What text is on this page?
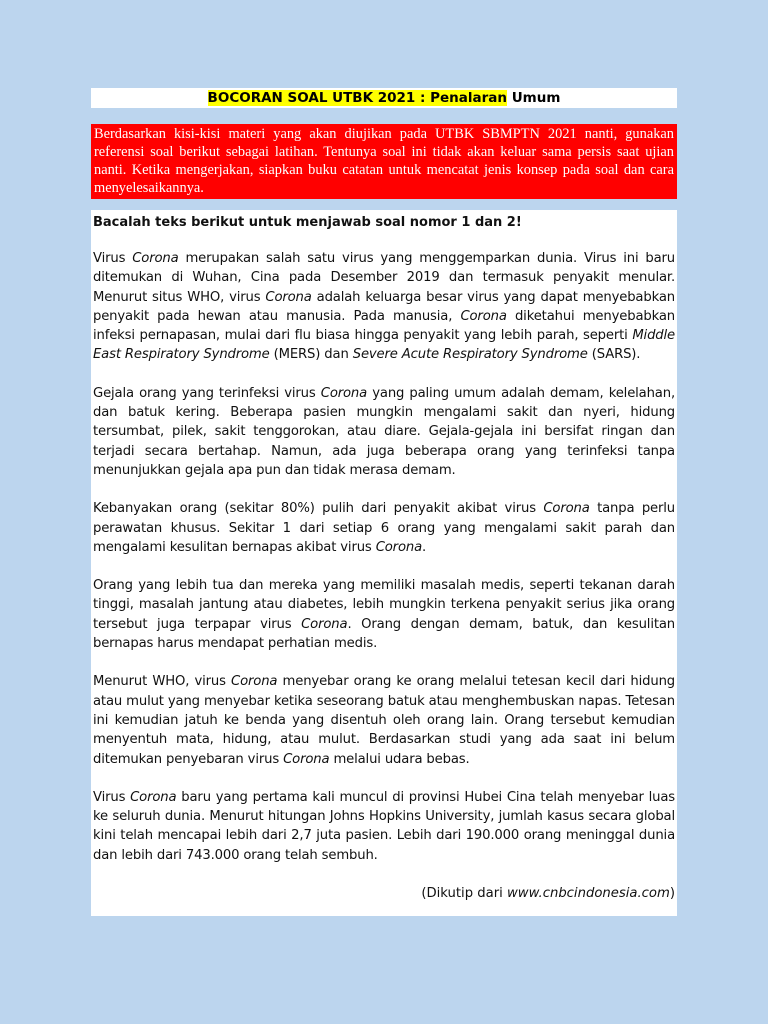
BOCORAN SOAL UTBK 2021 : Penalaran Umum
Berdasarkan kisi-kisi materi yang akan diujikan pada UTBK SBMPTN 2021 nanti, gunakan referensi soal berikut sebagai latihan. Tentunya soal ini tidak akan keluar sama persis saat ujian nanti. Ketika mengerjakan, siapkan buku catatan untuk mencatat jenis konsep pada soal dan cara menyelesaikannya.
Bacalah teks berikut untuk menjawab soal nomor 1 dan 2!

Virus Corona merupakan salah satu virus yang menggemparkan dunia. Virus ini baru ditemukan di Wuhan, Cina pada Desember 2019 dan termasuk penyakit menular. Menurut situs WHO, virus Corona adalah keluarga besar virus yang dapat menyebabkan penyakit pada hewan atau manusia. Pada manusia, Corona diketahui menyebabkan infeksi pernapasan, mulai dari flu biasa hingga penyakit yang lebih parah, seperti Middle East Respiratory Syndrome (MERS) dan Severe Acute Respiratory Syndrome (SARS).

Gejala orang yang terinfeksi virus Corona yang paling umum adalah demam, kelelahan, dan batuk kering. Beberapa pasien mungkin mengalami sakit dan nyeri, hidung tersumbat, pilek, sakit tenggorokan, atau diare. Gejala-gejala ini bersifat ringan dan terjadi secara bertahap. Namun, ada juga beberapa orang yang terinfeksi tanpa menunjukkan gejala apa pun dan tidak merasa demam.

Kebanyakan orang (sekitar 80%) pulih dari penyakit akibat virus Corona tanpa perlu perawatan khusus. Sekitar 1 dari setiap 6 orang yang mengalami sakit parah dan mengalami kesulitan bernapas akibat virus Corona.

Orang yang lebih tua dan mereka yang memiliki masalah medis, seperti tekanan darah tinggi, masalah jantung atau diabetes, lebih mungkin terkena penyakit serius jika orang tersebut juga terpapar virus Corona. Orang dengan demam, batuk, dan kesulitan bernapas harus mendapat perhatian medis.

Menurut WHO, virus Corona menyebar orang ke orang melalui tetesan kecil dari hidung atau mulut yang menyebar ketika seseorang batuk atau menghembuskan napas. Tetesan ini kemudian jatuh ke benda yang disentuh oleh orang lain. Orang tersebut kemudian menyentuh mata, hidung, atau mulut. Berdasarkan studi yang ada saat ini belum ditemukan penyebaran virus Corona melalui udara bebas.

Virus Corona baru yang pertama kali muncul di provinsi Hubei Cina telah menyebar luas ke seluruh dunia. Menurut hitungan Johns Hopkins University, jumlah kasus secara global kini telah mencapai lebih dari 2,7 juta pasien. Lebih dari 190.000 orang meninggal dunia dan lebih dari 743.000 orang telah sembuh.

(Dikutip dari www.cnbcindonesia.com)
